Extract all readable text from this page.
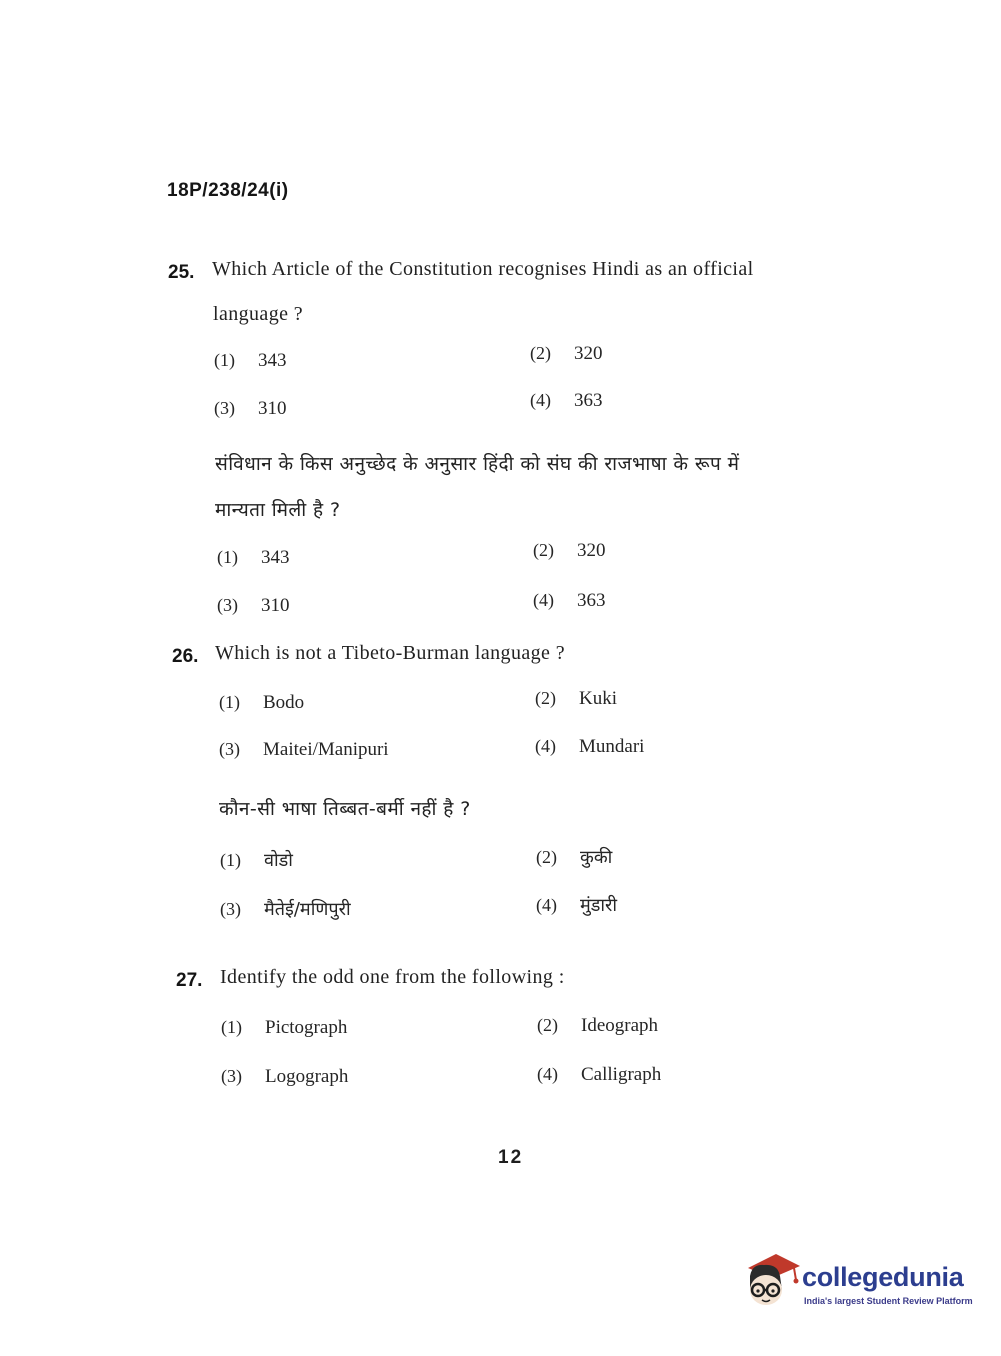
18P/238/24(i)
25. Which Article of the Constitution recognises Hindi as an official
language ?
(1) 343	(2) 320
(3) 310	(4) 363
संविधान के किस अनुच्छेद के अनुसार हिंदी को संघ की राजभाषा के रूप में
मान्यता मिली है ?
(1) 343	(2) 320
(3) 310	(4) 363
26. Which is not a Tibeto-Burman language ?
(1) Bodo	(2) Kuki
(3) Maitei/Manipuri	(4) Mundari
कौन-सी भाषा तिब्बत-बर्मी नहीं है ?
(1) वोडो	(2) कुकी
(3) मैतेई/मणिपुरी	(4) मुंडारी
27. Identify the odd one from the following :
(1) Pictograph	(2) Ideograph
(3) Logograph	(4) Calligraph
12
collegedunia
India's largest Student Review Platform
